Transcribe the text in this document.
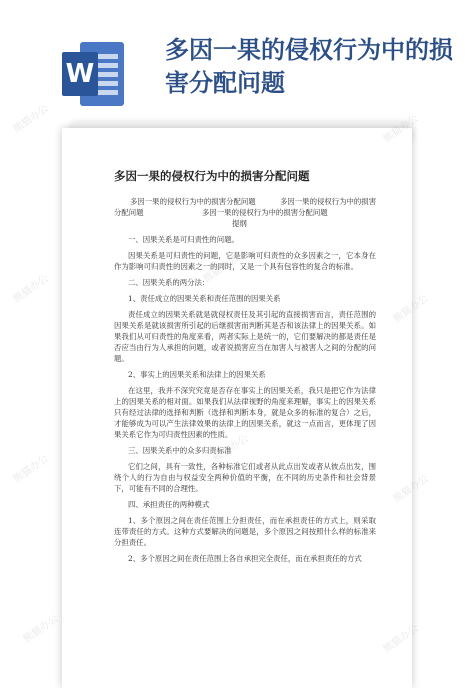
W
多因一果的侵权行为中的损害分配问题
多因一果的侵权行为中的损害分配问题
多因一果的侵权行为中的损害分配问题	多因一果的侵权行为中的损害
分配问题	多因一果的侵权行为中的损害分配问题
提纲

一、因果关系是可归责性的问题。

因果关系是可归责性的问题，它是影响可归责性的众多因素之一，它本身在作为影响可归责性的因素之一的同时，又是一个具有包容性的复合的标准。

二、因果关系的两分法：

1、责任成立的因果关系和责任范围的因果关系

责任成立的因果关系就是就侵权责任及其引起的直接损害而言，责任范围的因果关系是就该损害所引起的后继损害而判断其是否和该法律上的因果关系。如果我们从可归责性的角度来看，两者实际上是统一的，它们要解决的都是责任是否应当由行为人承担的问题，或者说损害应当在加害人与被害人之间的分配的问题。

2、事实上的因果关系和法律上的因果关系

在这里，我并不深究究竟是否存在事实上的因果关系，我只是把它作为法律上的因果关系的相对面。如果我们从法律视野的角度来理解，事实上的因果关系只有经过法律的选择和判断（选择和判断本身，就是众多的标准的复合）之后，才能够成为可以产生法律效果的法律上的因果关系，就这一点而言，更体现了因果关系它作为可归责性因素的性质。

三、因果关系中的众多归责标准

它们之间，具有一致性，各种标准它们或者从此点出发或者从彼点出发，围绕个人的行为自由与权益安全两种价值的平衡，在不同的历史条件和社会背景下，可能有不同的合理性。

四、承担责任的两种模式

1、多个原因之间在责任范围上分担责任，而在承担责任的方式上，则采取连带责任的方式。这种方式要解决的问题是，多个原因之间按照什么样的标准来分担责任。

2、多个原因之间在责任范围上各自承担完全责任，而在承担责任的方式

熊猫办公	熊猫办公
熊猫办公
熊猫办公
熊猫办公
熊猫办公
熊猫办公
熊猫办公
熊猫办公	熊猫办公
